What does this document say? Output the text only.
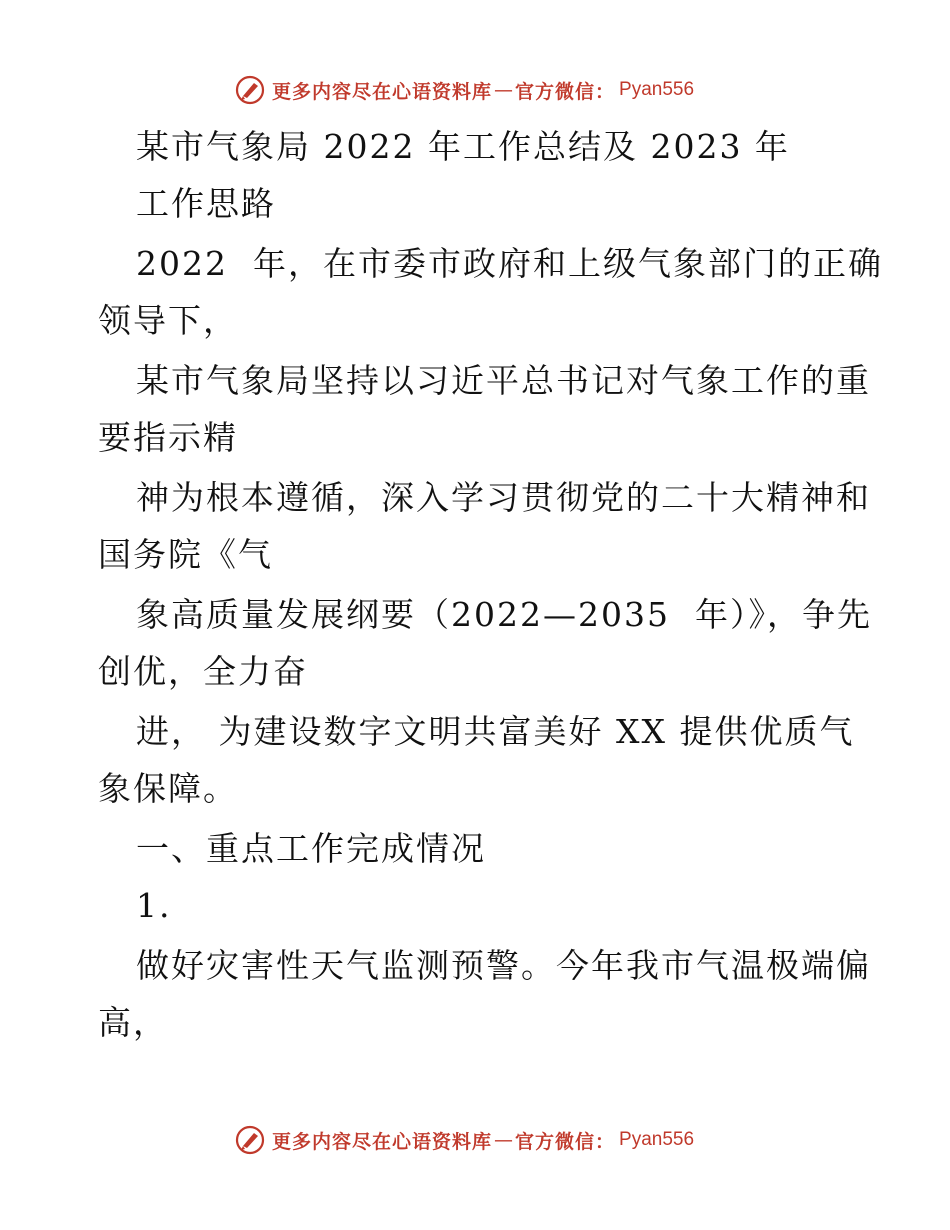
更多内容尽在心语资料库 — 官方微信： Pyan556
某市气象局 2022 年工作总结及 2023 年
工作思路
2022  年，在市委市政府和上级气象部门的正确
领导下，
某市气象局坚持以习近平总书记对气象工作的重
要指示精
神为根本遵循，深入学习贯彻党的二十大精神和
国务院《气
象高质量发展纲要（2022—2035  年）》，争先
创优，全力奋
进， 为建设数字文明共富美好 XX 提供优质气
象保障。
一、重点工作完成情况
1.
做好灾害性天气监测预警。今年我市气温极端偏
高，
更多内容尽在心语资料库 — 官方微信： Pyan556
